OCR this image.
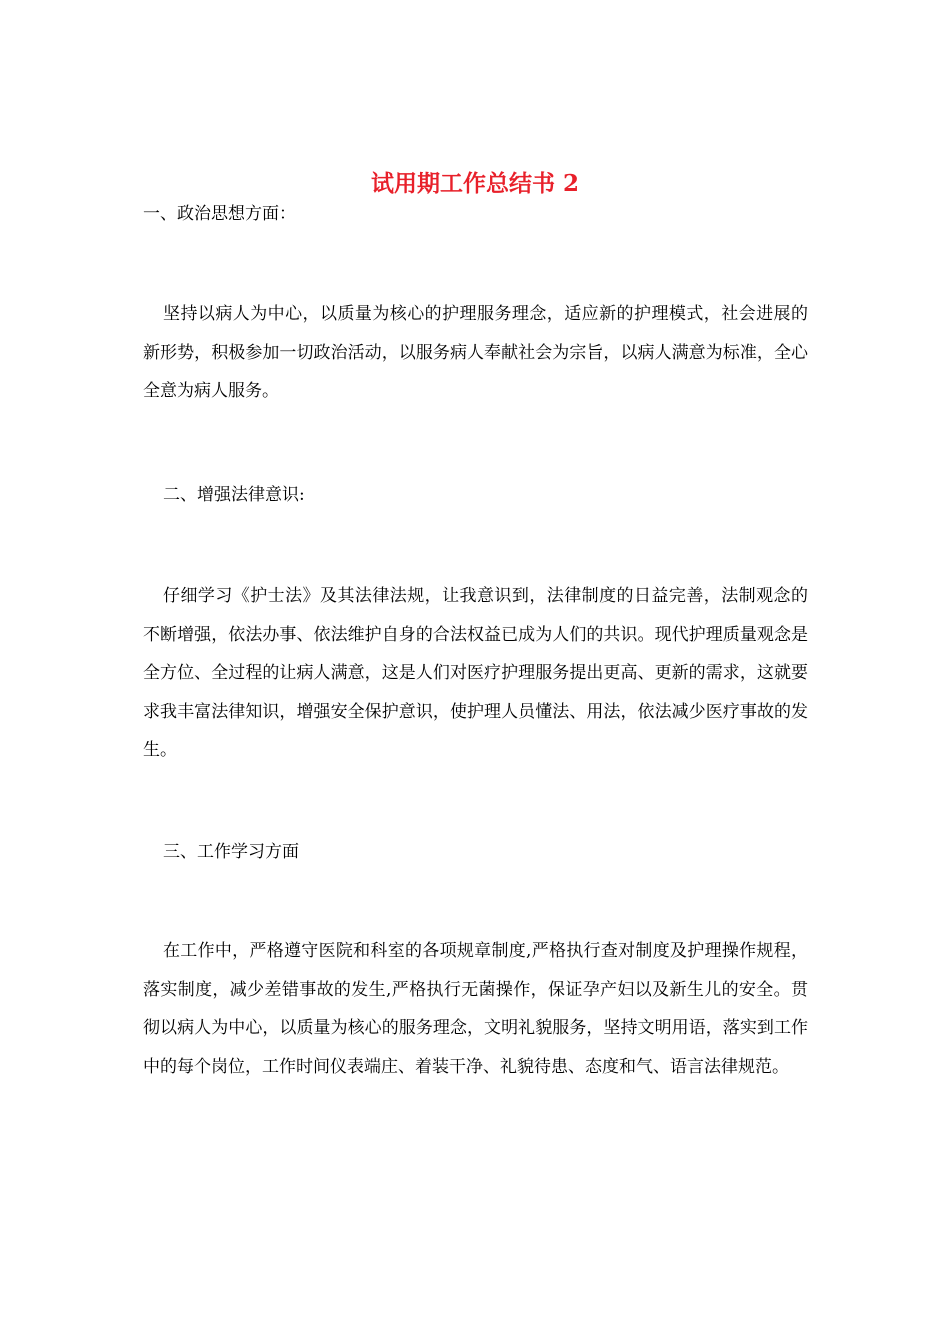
试用期工作总结书 2

一、政治思想方面：

坚持以病人为中心，以质量为核心的护理服务理念，适应新的护理模式，社会进展的新形势，积极参加一切政治活动，以服务病人奉献社会为宗旨，以病人满意为标准，全心全意为病人服务。

二、增强法律意识:

仔细学习《护士法》及其法律法规，让我意识到，法律制度的日益完善，法制观念的不断增强，依法办事、依法维护自身的合法权益已成为人们的共识。现代护理质量观念是全方位、全过程的让病人满意，这是人们对医疗护理服务提出更高、更新的需求，这就要求我丰富法律知识，增强安全保护意识，使护理人员懂法、用法，依法减少医疗事故的发生。

三、工作学习方面

在工作中，严格遵守医院和科室的各项规章制度,严格执行查对制度及护理操作规程，落实制度，减少差错事故的发生,严格执行无菌操作，保证孕产妇以及新生儿的安全。贯彻以病人为中心，以质量为核心的服务理念，文明礼貌服务，坚持文明用语，落实到工作中的每个岗位，工作时间仪表端庄、着装干净、礼貌待患、态度和气、语言法律规范。
